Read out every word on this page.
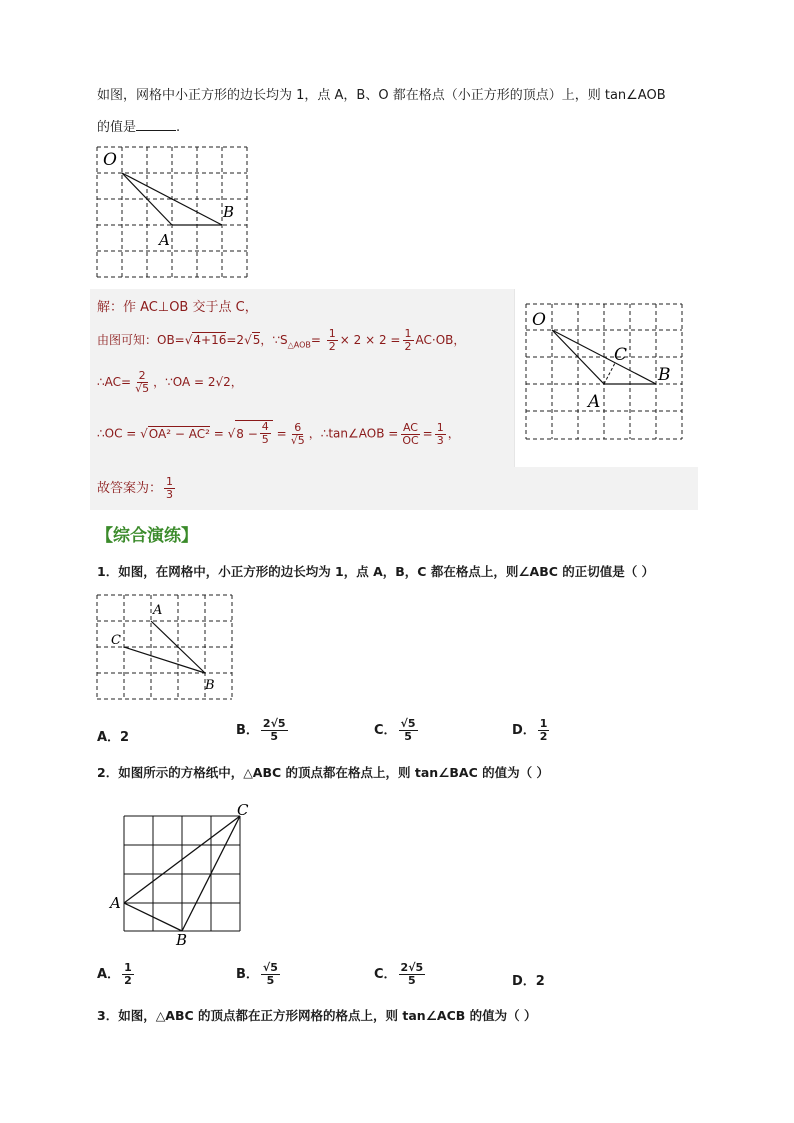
如图，网格中小正方形的边长均为 1，点 A，B、O 都在格点（小正方形的顶点）上，则 tan∠AOB
的值是	.
O
A
B
解：作 AC⊥OB 交于点 C，
由图可知：OB=√4+16=2√5，$\because S_{\triangle AOB}= \frac{1}{2} \times 2 \times 2 = \frac{1}{2} AC\cdot OB$，
∴AC= $\frac{2}{√5}$ ，∵OA = 2√2，
∴OC = √OA² − AC² = √ $8 - \frac{4}{5} = \frac{6}{√5}$ ，∴tan∠AOB = $\frac{AC}{OC} = \frac{1}{3}$ ，
故答案为： $\frac{1}{3}$
O
C
A
B
【综合演练】
1．如图，在网格中，小正方形的边长均为 1，点 A，B，C 都在格点上，则∠ABC 的正切值是（ ）
A
C
B
A．2	B． $\frac{2√5}{5}$	C． $\frac{√5}{5}$	D． $\frac{1}{2}$
2．如图所示的方格纸中，△ABC 的顶点都在格点上，则 tan∠BAC 的值为（ ）
A
B
C
A． $\frac{1}{2}$	B． $\frac{√5}{5}$	C． $\frac{2√5}{5}$	D．2
3．如图，△ABC 的顶点都在正方形网格的格点上，则 tan∠ACB 的值为（ ）
